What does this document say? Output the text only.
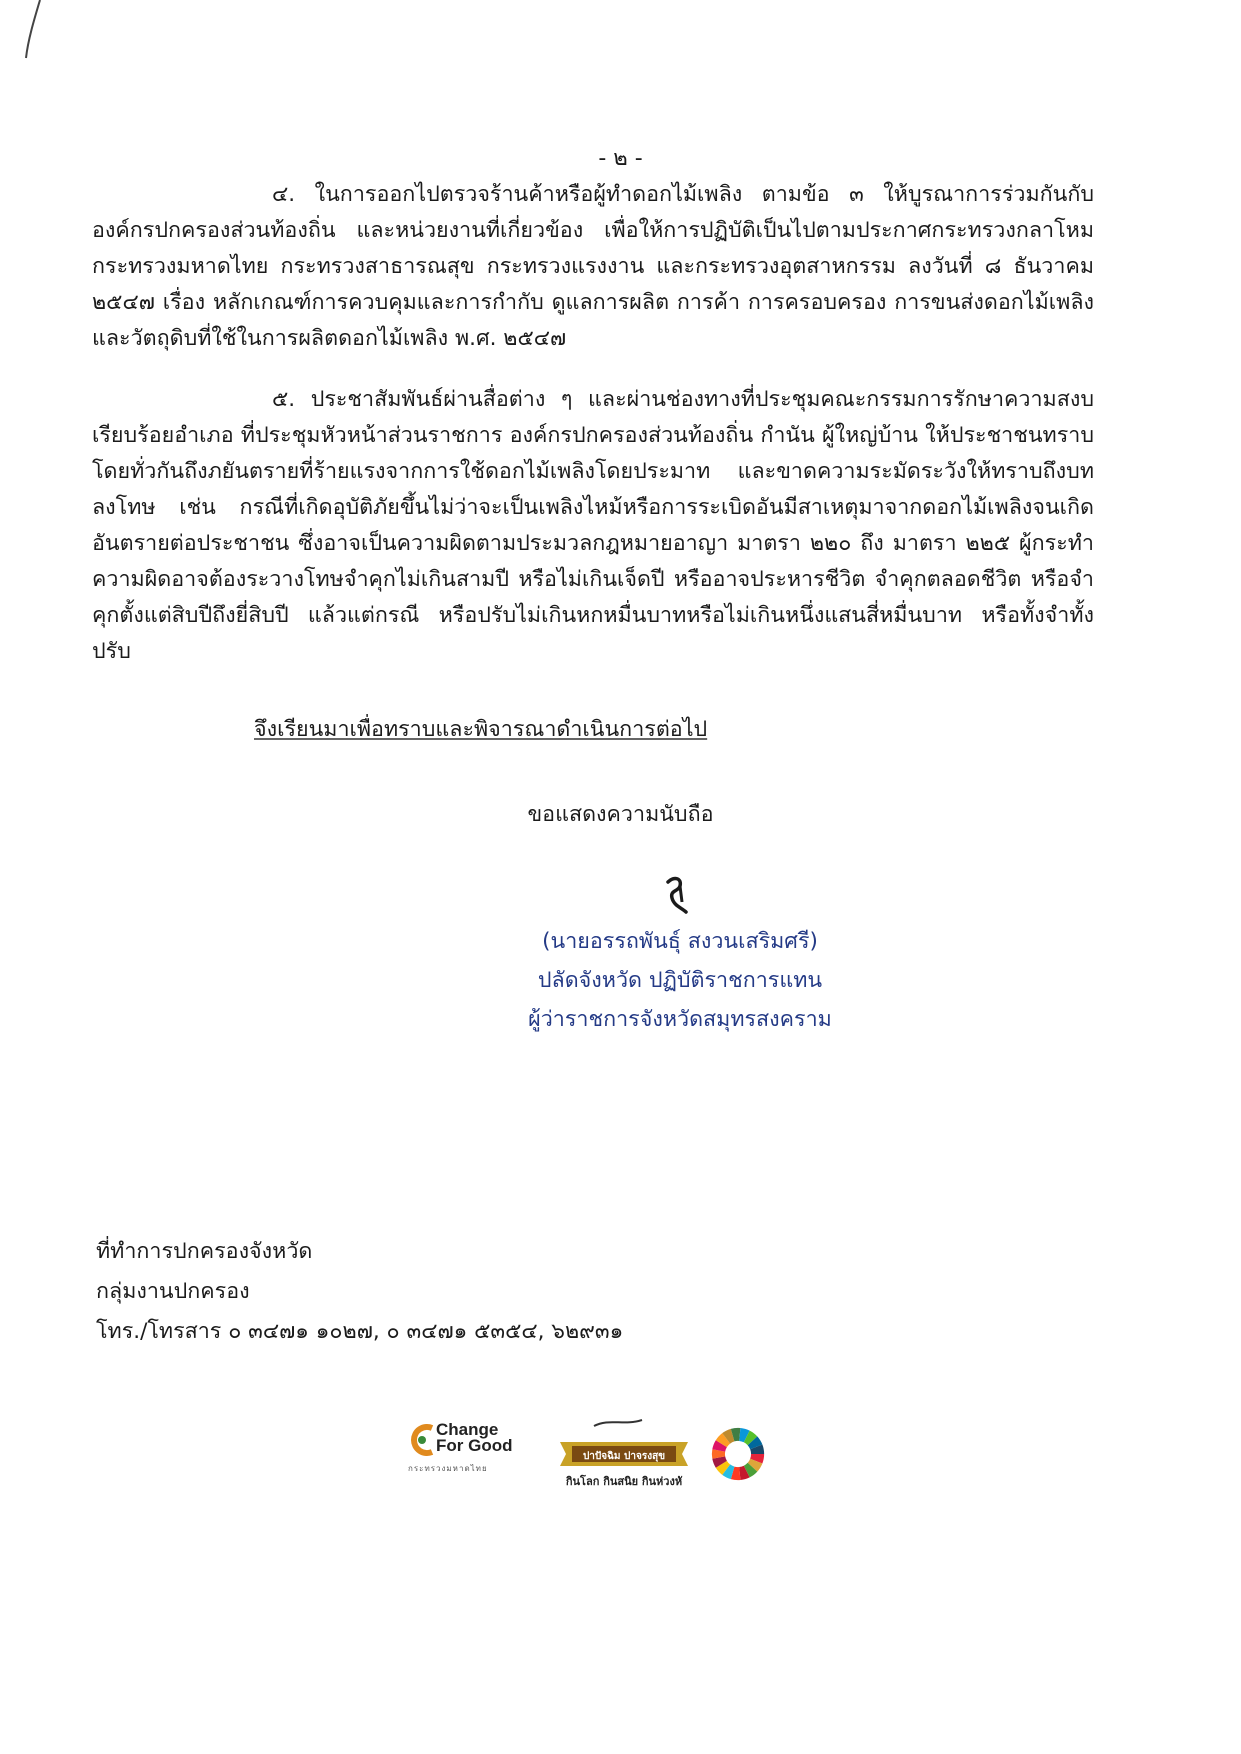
- ๒ -

๔. ในการออกไปตรวจร้านค้าหรือผู้ทำดอกไม้เพลิง ตามข้อ ๓ ให้บูรณาการร่วมกันกับองค์กรปกครองส่วนท้องถิ่น และหน่วยงานที่เกี่ยวข้อง เพื่อให้การปฏิบัติเป็นไปตามประกาศกระทรวงกลาโหม กระทรวงมหาดไทย กระทรวงสาธารณสุข กระทรวงแรงงาน และกระทรวงอุตสาหกรรม ลงวันที่ ๘ ธันวาคม ๒๕๔๗ เรื่อง หลักเกณฑ์การควบคุมและการกำกับ ดูแลการผลิต การค้า การครอบครอง การขนส่งดอกไม้เพลิงและวัตถุดิบที่ใช้ในการผลิตดอกไม้เพลิง พ.ศ. ๒๕๔๗

๕. ประชาสัมพันธ์ผ่านสื่อต่าง ๆ และผ่านช่องทางที่ประชุมคณะกรรมการรักษาความสงบเรียบร้อยอำเภอ ที่ประชุมหัวหน้าส่วนราชการ องค์กรปกครองส่วนท้องถิ่น กำนัน ผู้ใหญ่บ้าน ให้ประชาชนทราบโดยทั่วกันถึงภยันตรายที่ร้ายแรงจากการใช้ดอกไม้เพลิงโดยประมาท และขาดความระมัดระวังให้ทราบถึงบทลงโทษ เช่น กรณีที่เกิดอุบัติภัยขึ้นไม่ว่าจะเป็นเพลิงไหม้หรือการระเบิดอันมีสาเหตุมาจากดอกไม้เพลิงจนเกิดอันตรายต่อประชาชน ซึ่งอาจเป็นความผิดตามประมวลกฎหมายอาญา มาตรา ๒๒๐ ถึง มาตรา ๒๒๕ ผู้กระทำความผิดอาจต้องระวางโทษจำคุกไม่เกินสามปี หรือไม่เกินเจ็ดปี หรืออาจประหารชีวิต จำคุกตลอดชีวิต หรือจำคุกตั้งแต่สิบปีถึงยี่สิบปี แล้วแต่กรณี หรือปรับไม่เกินหกหมื่นบาทหรือไม่เกินหนึ่งแสนสี่หมื่นบาท หรือทั้งจำทั้งปรับ

จึงเรียนมาเพื่อทราบและพิจารณาดำเนินการต่อไป
ขอแสดงความนับถือ
(นายอรรถพันธุ์ สงวนเสริมศรี)
ปลัดจังหวัด ปฏิบัติราชการแทน
ผู้ว่าราชการจังหวัดสมุทรสงคราม
ที่ทำการปกครองจังหวัด
กลุ่มงานปกครอง
โทร./โทรสาร ๐ ๓๔๗๑ ๑๐๒๗, ๐ ๓๔๗๑ ๕๓๕๔, ๖๒๙๓๑
Change
For Good
กระทรวงมหาดไทย
ปาปัจฉิม ปาจรงสุข
กินโลก กินสนิย กินห่วงหั
